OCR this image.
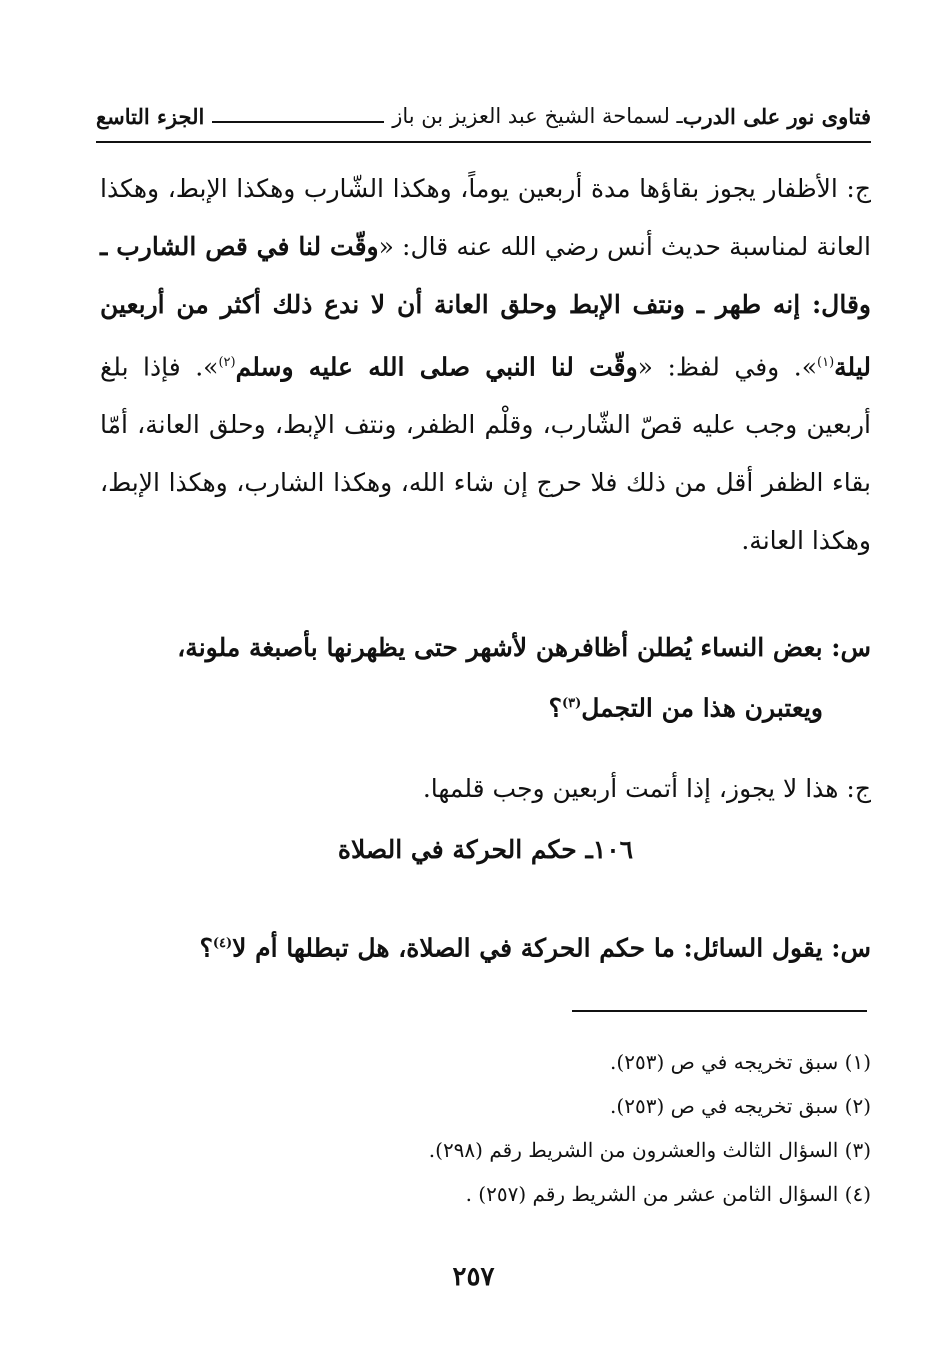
فتاوى نور على الدرب
ـ لسماحة الشيخ عبد العزيز بن باز
الجزء التاسع
ج: الأظفار يجوز بقاؤها مدة أربعين يوماً، وهكذا الشّارب وهكذا الإبط، وهكذا العانة لمناسبة حديث أنس رضي الله عنه قال: «وقّت لنا في قص الشارب ـ وقال: إنه طهر ـ ونتف الإبط وحلق العانة أن لا ندع ذلك أكثر من أربعين ليلة$^{(١)}$». وفي لفظ: «وقّت لنا النبي صلى الله عليه وسلم$^{(٢)}$». فإذا بلغ أربعين وجب عليه قصّ الشّارب، وقلْم الظفر، ونتف الإبط، وحلق العانة، أمّا بقاء الظفر أقل من ذلك فلا حرج إن شاء الله، وهكذا الشارب، وهكذا الإبط، وهكذا العانة.
س: بعض النساء يُطلن أظافرهن لأشهر حتى يظهرنها بأصبغة ملونة،
ويعتبرن هذا من التجمل$^{(٣)}$؟
ج: هذا لا يجوز، إذا أتمت أربعين وجب قلمها.
١٠٦ـ حكم الحركة في الصلاة
س: يقول السائل: ما حكم الحركة في الصلاة، هل تبطلها أم لا$^{(٤)}$؟
(١) سبق تخريجه في ص (٢٥٣).
(٢) سبق تخريجه في ص (٢٥٣).
(٣) السؤال الثالث والعشرون من الشريط رقم (٢٩٨).
(٤) السؤال الثامن عشر من الشريط رقم (٢٥٧) .
٢٥٧
